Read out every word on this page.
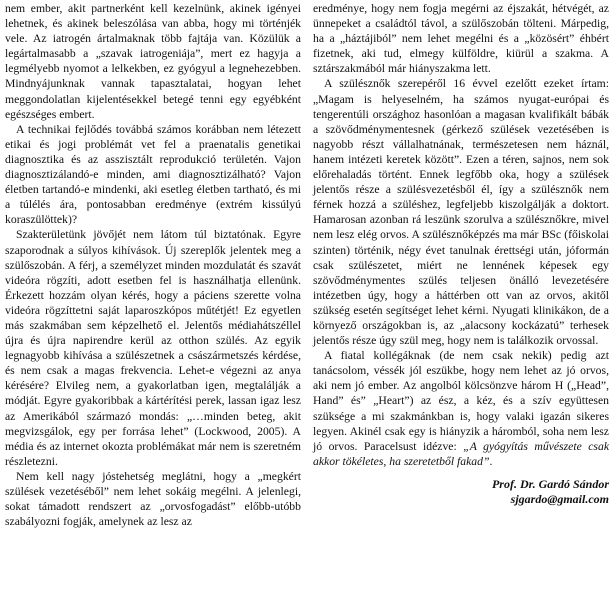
nem ember, akit partnerként kell kezelnünk, akinek igényei lehetnek, és akinek beleszólása van abba, hogy mi történjék vele. Az iatrogén ártalmaknak több fajtája van. Közülük a legártalmasabb a „szavak iatrogeniája”, mert ez hagyja a legmélyebb nyomot a lelkekben, ez gyógyul a legnehezebben. Mindnyájunknak vannak tapasztalatai, hogyan lehet meggondolatlan kijelentésekkel betegé tenni egy egyébként egészséges embert.

A technikai fejlődés továbbá számos korábban nem létezett etikai és jogi problémát vet fel a praenatalis genetikai diagnosztika és az asszisztált reprodukció területén. Vajon diagnosztizálandó-e minden, ami diagnosztizálható? Vajon életben tartandó-e mindenki, aki esetleg életben tartható, és mi a túlélés ára, pontosabban eredménye (extrém kissúlyú koraszülöttek)?

Szakterületünk jövőjét nem látom túl biztatónak. Egyre szaporodnak a súlyos kihívások. Új szereplők jelentek meg a szülőszobán. A férj, a személyzet minden mozdulatát és szavát videóra rögzíti, adott esetben fel is használhatja ellenünk. Érkezett hozzám olyan kérés, hogy a páciens szerette volna videóra rögzíttetni saját laparoszkópos műtétjét! Ez egyetlen más szakmában sem képzelhető el. Jelentős médiahátszéllel újra és újra napirendre kerül az otthon szülés. Az egyik legnagyobb kihívása a szülészetnek a császármetszés kérdése, és nem csak a magas frekvencia. Lehet-e végezni az anya kérésére? Elvileg nem, a gyakorlatban igen, megtalálják a módját. Egyre gyakoribbak a kártérítési perek, lassan igaz lesz az Amerikából származó mondás: „…minden beteg, akit megvizsgálok, egy per forrása lehet” (Lockwood, 2005). A média és az internet okozta problémákat már nem is szeretném részletezni.

Nem kell nagy jóstehetség meglátni, hogy a „megkért szülések vezetéséből” nem lehet sokáig megélni. A jelenlegi, sokat támadott rendszert az „orvosfogadást” előbb-utóbb szabályozni fogják, amelynek az lesz az

eredménye, hogy nem fogja megérni az éjszakát, hétvégét, az ünnepeket a családtól távol, a szülőszobán tölteni. Márpedig, ha a „háztájiból” nem lehet megélni és a „közösért” éhbért fizetnek, aki tud, elmegy külföldre, kiürül a szakma. A sztárszakmából már hiányszakma lett.

A szülésznők szerepéről 16 évvel ezelőtt ezeket írtam: „Magam is helyeselném, ha számos nyugat-európai és tengerentúli országhoz hasonlóan a magasan kvalifikált bábák a szövődménymentesnek (gérkező szülések vezetésében is nagyobb részt vállalhatnának, természetesen nem háznál, hanem intézeti keretek között”. Ezen a téren, sajnos, nem sok előrehaladás történt. Ennek legfőbb oka, hogy a szülések jelentős része a szülésvezetésből él, így a szülésznők nem férnek hozzá a szüléshez, legfeljebb kiszolgálják a doktort. Hamarosan azonban rá leszünk szorulva a szülésznőkre, mivel nem lesz elég orvos. A szülésznőképzés ma már BSc (főiskolai szinten) történik, négy évet tanulnak érettségi után, jóformán csak szülészetet, miért ne lennének képesek egy szövődménymentes szülés teljesen önálló levezetésére intézetben úgy, hogy a háttérben ott van az orvos, akitől szükség esetén segítséget lehet kérni. Nyugati klinikákon, de a környező országokban is, az „alacsony kockázatú” terhesek jelentős része úgy szül meg, hogy nem is találkozik orvossal.

A fiatal kollégáknak (de nem csak nekik) pedig azt tanácsolom, véssék jól eszükbe, hogy nem lehet az jó orvos, aki nem jó ember. Az angolból kölcsönzve három H („Head”, Hand” és” „Heart”) az ész, a kéz, és a szív együttesen szüksége a mi szakmánkban is, hogy valaki igazán sikeres legyen. Akinél csak egy is hiányzik a háromból, soha nem lesz jó orvos. Paracelsust idézve: „A gyógyítás művészete csak akkor tökéletes, ha szeretetből fakad”.

Prof. Dr. Gardó Sándor
sjgardo@gmail.com
